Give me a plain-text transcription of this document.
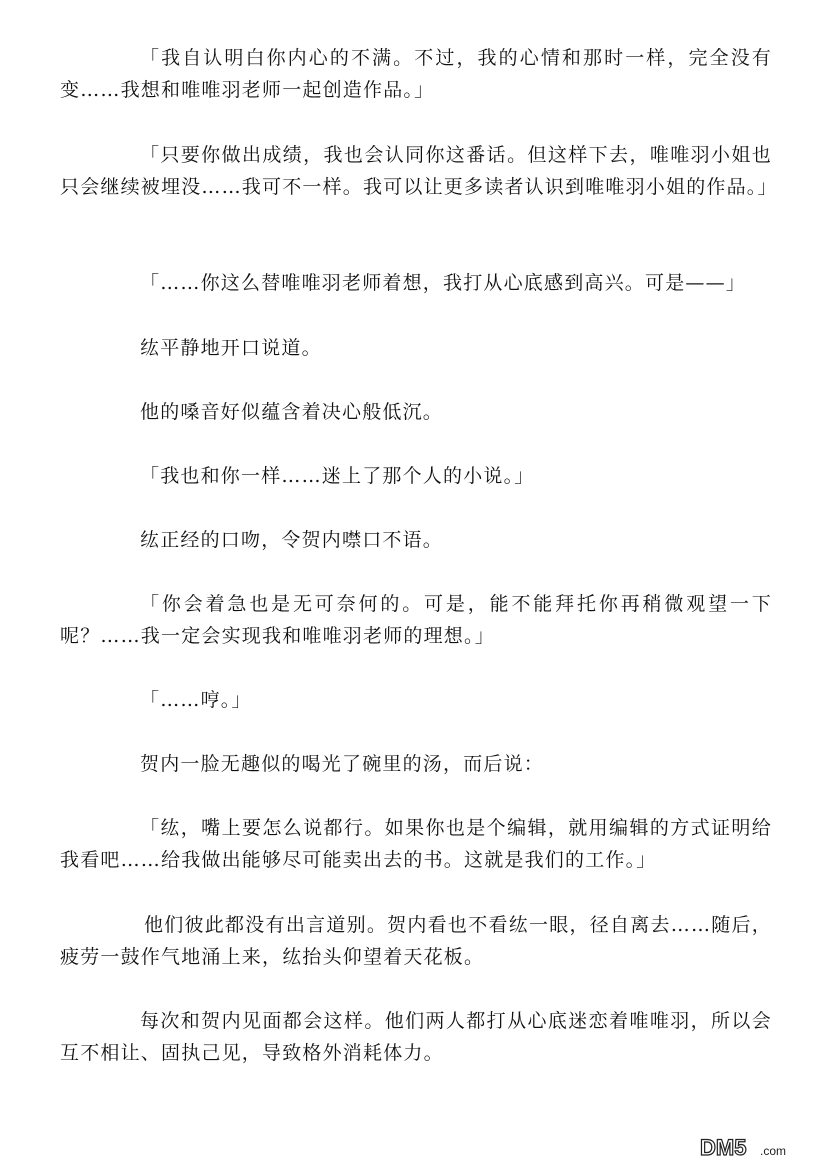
「我自认明白你内心的不满。不过，我的心情和那时一样，完全没有变……我想和唯唯羽老师一起创造作品。」

「只要你做出成绩，我也会认同你这番话。但这样下去，唯唯羽小姐也只会继续被埋没……我可不一样。我可以让更多读者认识到唯唯羽小姐的作品。」

「……你这么替唯唯羽老师着想，我打从心底感到高兴。可是——」

纮平静地开口说道。

他的嗓音好似蕴含着决心般低沉。

「我也和你一样……迷上了那个人的小说。」

纮正经的口吻，令贺内噤口不语。

「你会着急也是无可奈何的。可是，能不能拜托你再稍微观望一下呢？……我一定会实现我和唯唯羽老师的理想。」

「……哼。」

贺内一脸无趣似的喝光了碗里的汤，而后说：

「纮，嘴上要怎么说都行。如果你也是个编辑，就用编辑的方式证明给我看吧……给我做出能够尽可能卖出去的书。这就是我们的工作。」

他们彼此都没有出言道别。贺内看也不看纮一眼，径自离去……随后，疲劳一鼓作气地涌上来，纮抬头仰望着天花板。

每次和贺内见面都会这样。他们两人都打从心底迷恋着唯唯羽，所以会互不相让、固执己见，导致格外消耗体力。

DM5 .com
